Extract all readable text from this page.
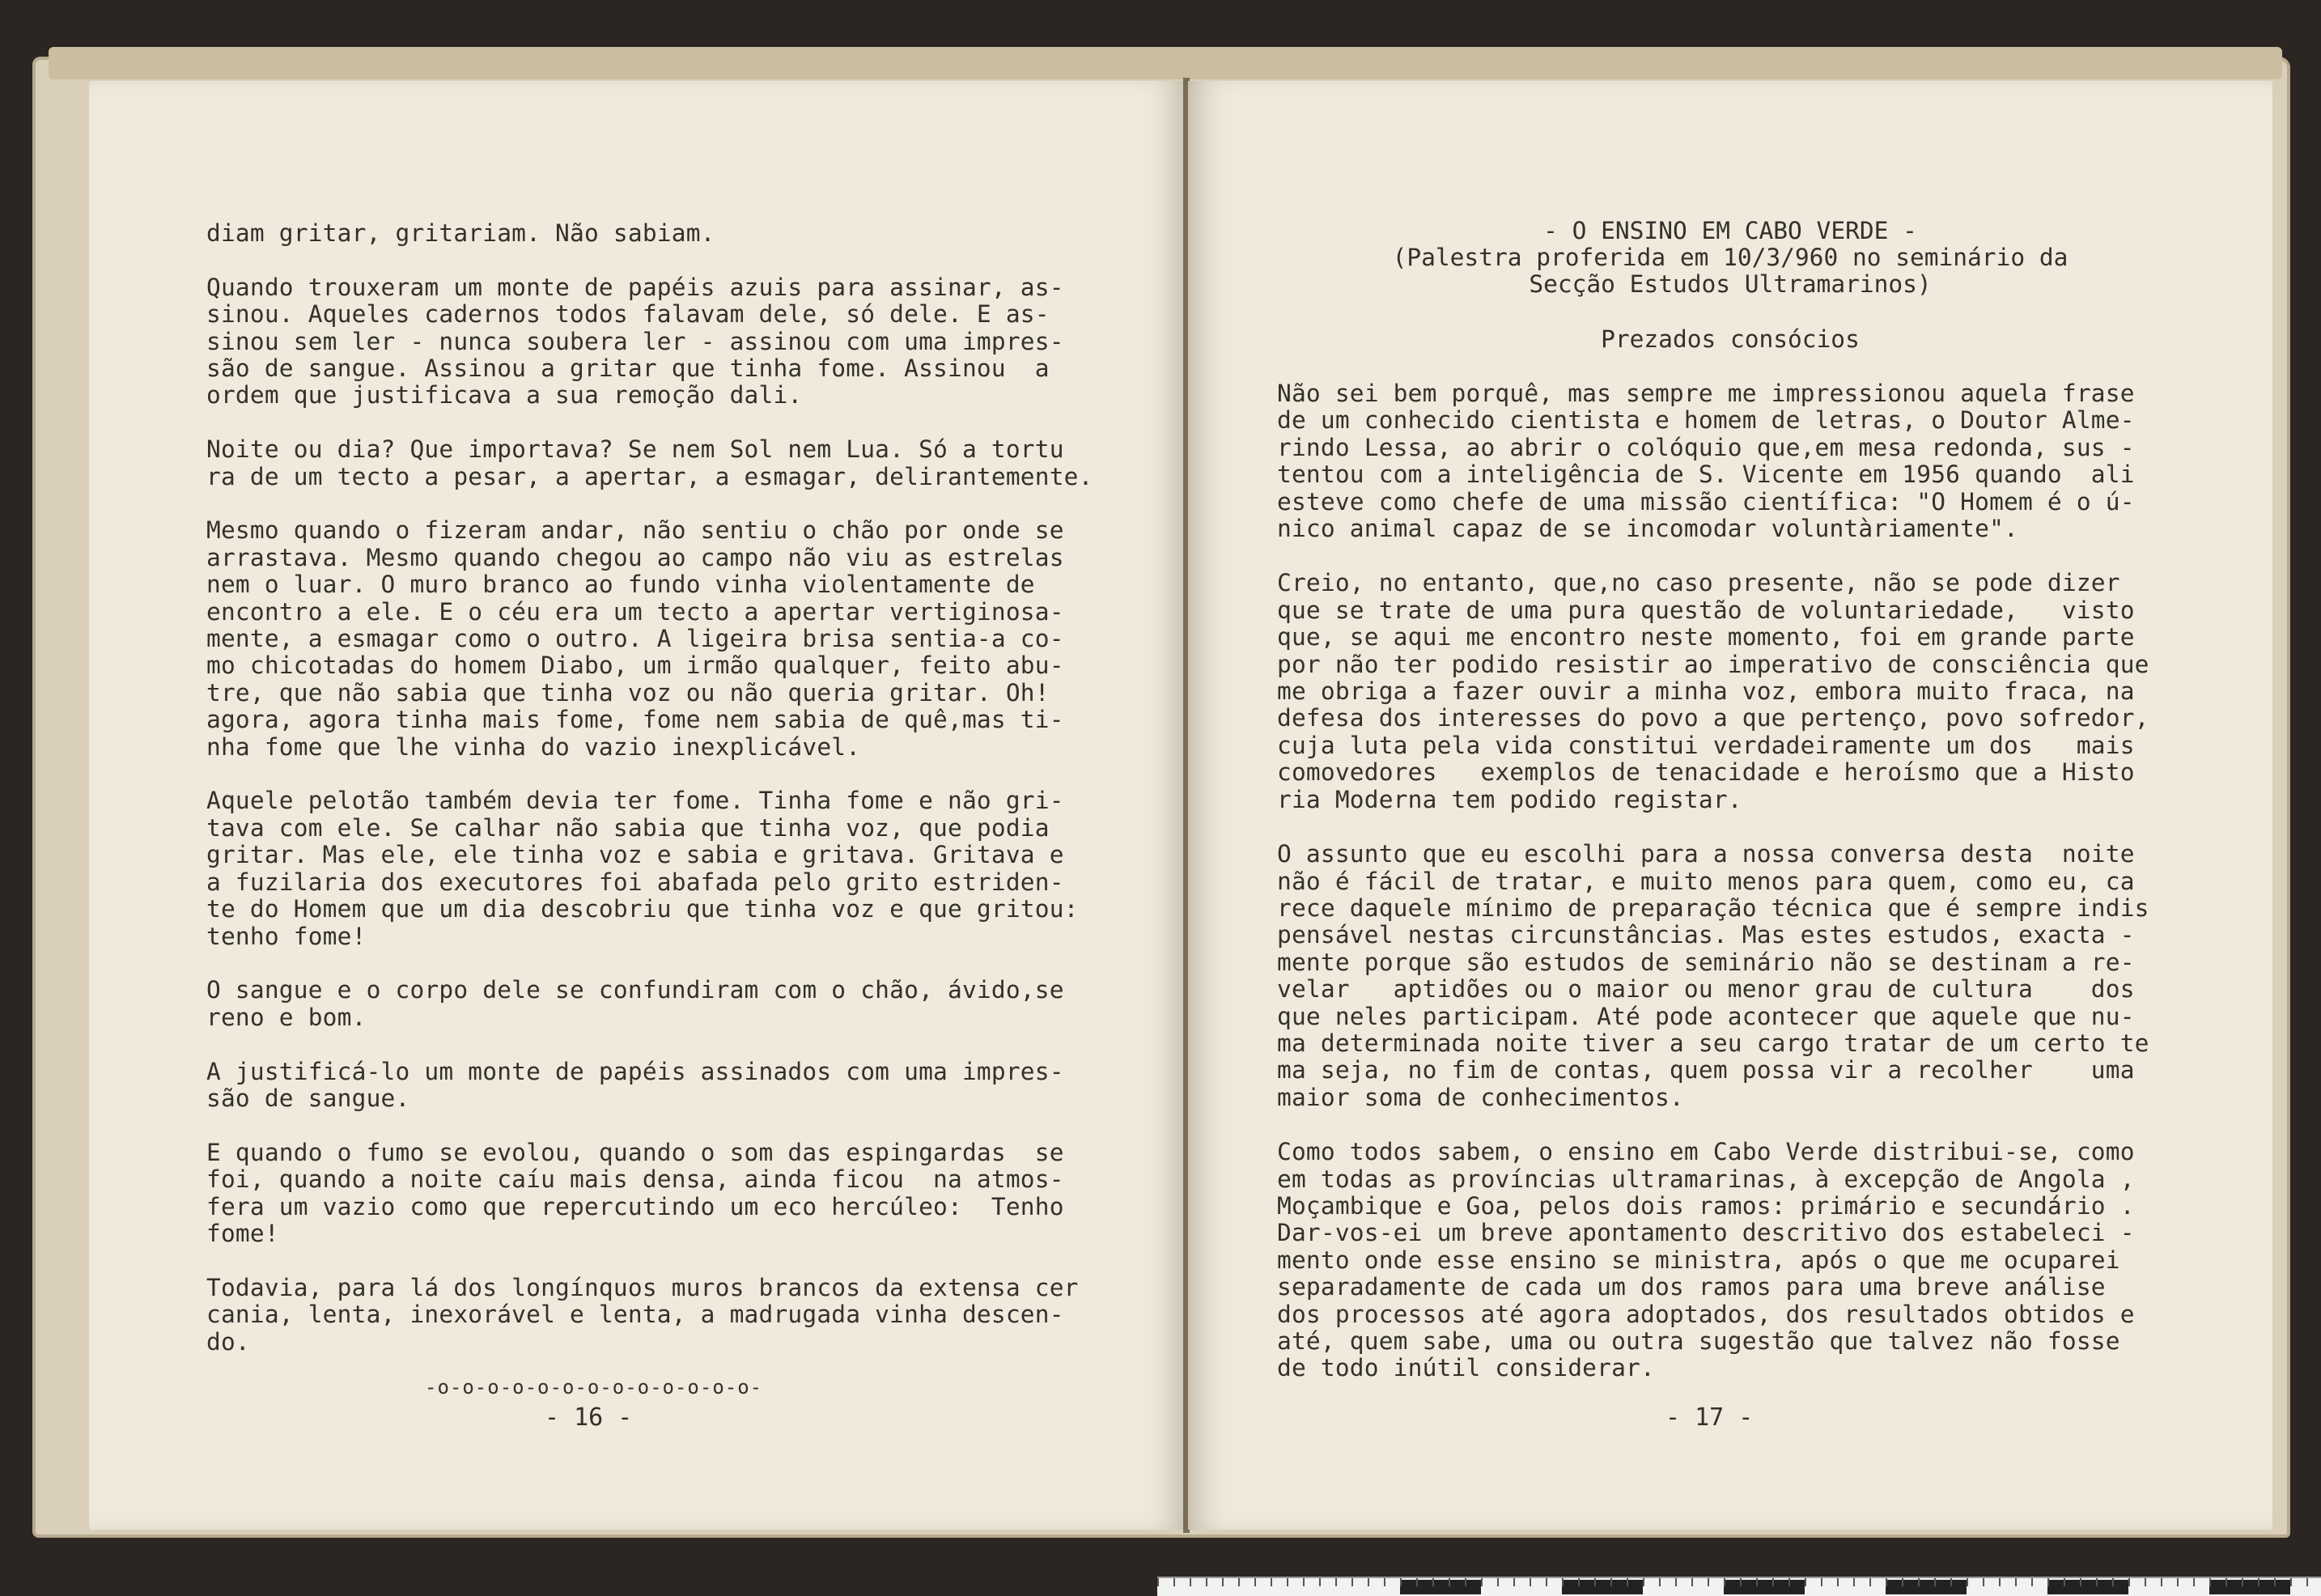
diam gritar, gritariam. Não sabiam.
Quando trouxeram um monte de papéis azuis para assinar, as-
sinou. Aqueles cadernos todos falavam dele, só dele. E as-
sinou sem ler - nunca soubera ler - assinou com uma impres-
são de sangue. Assinou a gritar que tinha fome. Assinou  a
ordem que justificava a sua remoção dali.
Noite ou dia? Que importava? Se nem Sol nem Lua. Só a tortu
ra de um tecto a pesar, a apertar, a esmagar, delirantemente.
Mesmo quando o fizeram andar, não sentiu o chão por onde se
arrastava. Mesmo quando chegou ao campo não viu as estrelas
nem o luar. O muro branco ao fundo vinha violentamente de
encontro a ele. E o céu era um tecto a apertar vertiginosa-
mente, a esmagar como o outro. A ligeira brisa sentia-a co-
mo chicotadas do homem Diabo, um irmão qualquer, feito abu-
tre, que não sabia que tinha voz ou não queria gritar. Oh!
agora, agora tinha mais fome, fome nem sabia de quê,mas ti-
nha fome que lhe vinha do vazio inexplicável.
Aquele pelotão também devia ter fome. Tinha fome e não gri-
tava com ele. Se calhar não sabia que tinha voz, que podia
gritar. Mas ele, ele tinha voz e sabia e gritava. Gritava e
a fuzilaria dos executores foi abafada pelo grito estriden-
te do Homem que um dia descobriu que tinha voz e que gritou:
tenho fome!
O sangue e o corpo dele se confundiram com o chão, ávido,se
reno e bom.
A justificá-lo um monte de papéis assinados com uma impres-
são de sangue.
E quando o fumo se evolou, quando o som das espingardas  se
foi, quando a noite caíu mais densa, ainda ficou  na atmos-
fera um vazio como que repercutindo um eco hercúleo:  Tenho
fome!
Todavia, para lá dos longínquos muros brancos da extensa cer
cania, lenta, inexorável e lenta, a madrugada vinha descen-
do.
-o-o-o-o-o-o-o-o-o-o-o-o-o-
- 16 -
- O ENSINO EM CABO VERDE -
(Palestra proferida em 10/3/960 no seminário da
Secção Estudos Ultramarinos)
Prezados consócios
Não sei bem porquê, mas sempre me impressionou aquela frase
de um conhecido cientista e homem de letras, o Doutor Alme-
rindo Lessa, ao abrir o colóquio que,em mesa redonda, sus -
tentou com a inteligência de S. Vicente em 1956 quando  ali
esteve como chefe de uma missão científica: "O Homem é o ú-
nico animal capaz de se incomodar voluntàriamente".
Creio, no entanto, que,no caso presente, não se pode dizer
que se trate de uma pura questão de voluntariedade,   visto
que, se aqui me encontro neste momento, foi em grande parte
por não ter podido resistir ao imperativo de consciência que
me obriga a fazer ouvir a minha voz, embora muito fraca, na
defesa dos interesses do povo a que pertenço, povo sofredor,
cuja luta pela vida constitui verdadeiramente um dos   mais
comovedores   exemplos de tenacidade e heroísmo que a Histo
ria Moderna tem podido registar.
O assunto que eu escolhi para a nossa conversa desta  noite
não é fácil de tratar, e muito menos para quem, como eu, ca
rece daquele mínimo de preparação técnica que é sempre indis
pensável nestas circunstâncias. Mas estes estudos, exacta -
mente porque são estudos de seminário não se destinam a re-
velar   aptidões ou o maior ou menor grau de cultura    dos
que neles participam. Até pode acontecer que aquele que nu-
ma determinada noite tiver a seu cargo tratar de um certo te
ma seja, no fim de contas, quem possa vir a recolher    uma
maior soma de conhecimentos.
Como todos sabem, o ensino em Cabo Verde distribui-se, como
em todas as províncias ultramarinas, à excepção de Angola ,
Moçambique e Goa, pelos dois ramos: primário e secundário .
Dar-vos-ei um breve apontamento descritivo dos estabeleci -
mento onde esse ensino se ministra, após o que me ocuparei
separadamente de cada um dos ramos para uma breve análise
dos processos até agora adoptados, dos resultados obtidos e
até, quem sabe, uma ou outra sugestão que talvez não fosse
de todo inútil considerar.
- 17 -
